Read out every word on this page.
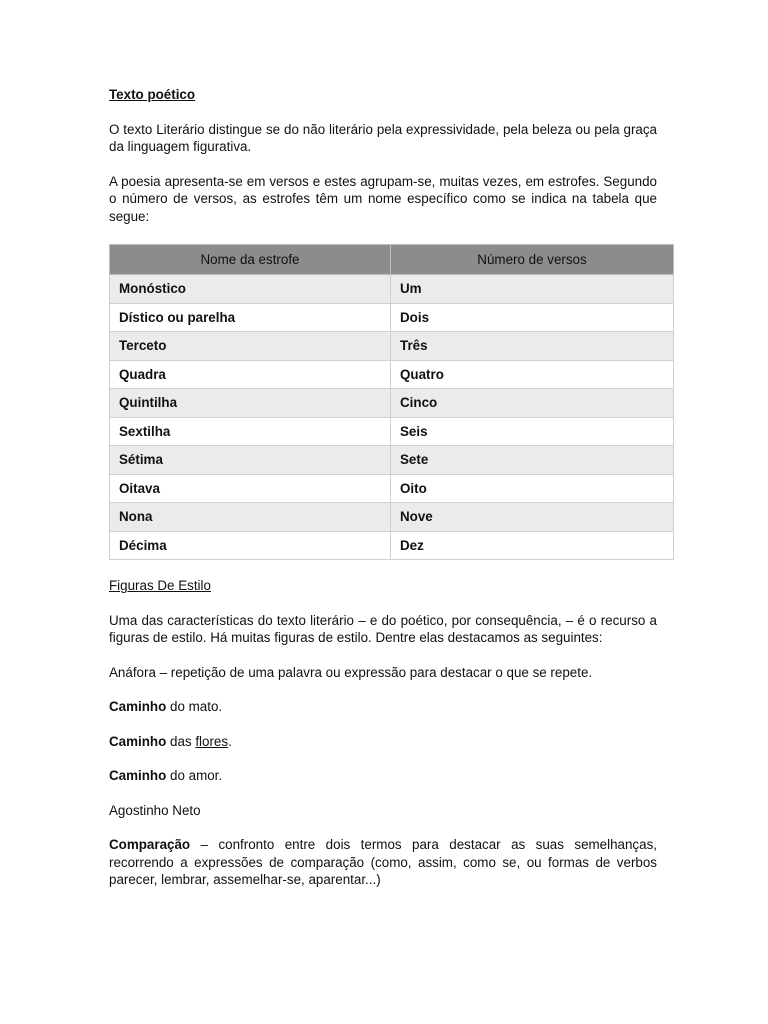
Texto poético

O texto Literário distingue se do não literário pela expressividade, pela beleza ou pela graça da linguagem figurativa.

A poesia apresenta-se em versos e estes agrupam-se, muitas vezes, em estrofes. Segundo o número de versos, as estrofes têm um nome específico como se indica na tabela que segue:

Nome da estrofe	Número de versos
Monóstico	Um
Dístico ou parelha	Dois
Terceto	Três
Quadra	Quatro
Quintilha	Cinco
Sextilha	Seis
Sétima	Sete
Oitava	Oito
Nona	Nove
Décima	Dez
Figuras De Estilo

Uma das características do texto literário – e do poético, por consequência, – é o recurso a figuras de estilo. Há muitas figuras de estilo. Dentre elas destacamos as seguintes:

Anáfora – repetição de uma palavra ou expressão para destacar o que se repete.

Caminho do mato.

Caminho das flores.

Caminho do amor.

Agostinho Neto

Comparação – confronto entre dois termos para destacar as suas semelhanças, recorrendo a expressões de comparação (como, assim, como se, ou formas de verbos parecer, lembrar, assemelhar-se, aparentar...)
